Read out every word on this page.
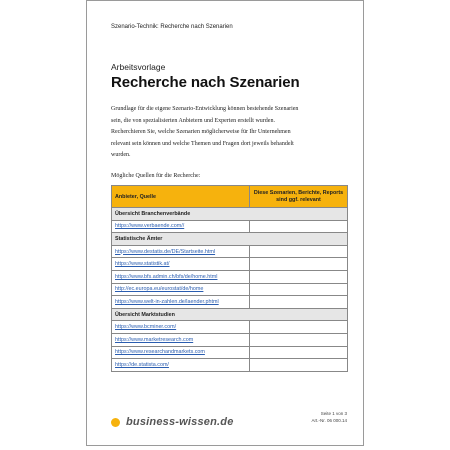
Szenario-Technik: Recherche nach Szenarien
Arbeitsvorlage
Recherche nach Szenarien
Grundlage für die eigene Szenario-Entwicklung können bestehende Szenarien sein, die von spezialisierten Anbietern und Experten erstellt wurden. Recherchieren Sie, welche Szenarien möglicherweise für Ihr Unternehmen relevant sein können und welche Themen und Fragen dort jeweils behandelt wurden.
Mögliche Quellen für die Recherche:
Anbieter, Quelle	Diese Szenarien, Berichte, Reports sind ggf. relevant
Übersicht Branchenverbände	
https://www.verbaende.com//	
Statistische Ämter	
https://www.destatis.de/DE/Startseite.html	
https://www.statistik.at/	
https://www.bfs.admin.ch/bfs/de/home.html	
http://ec.europa.eu/eurostat/de/home	
https://www.welt-in-zahlen.de/laender.phtml	
Übersicht Marktstudien	
https://www.bcminer.com/	
https://www.marketresearch.com	
https://www.researchandmarkets.com	
https://de.statista.com/	
business-wissen.de
Seite 1 von 3
Art.-Nr. 06 000.14
